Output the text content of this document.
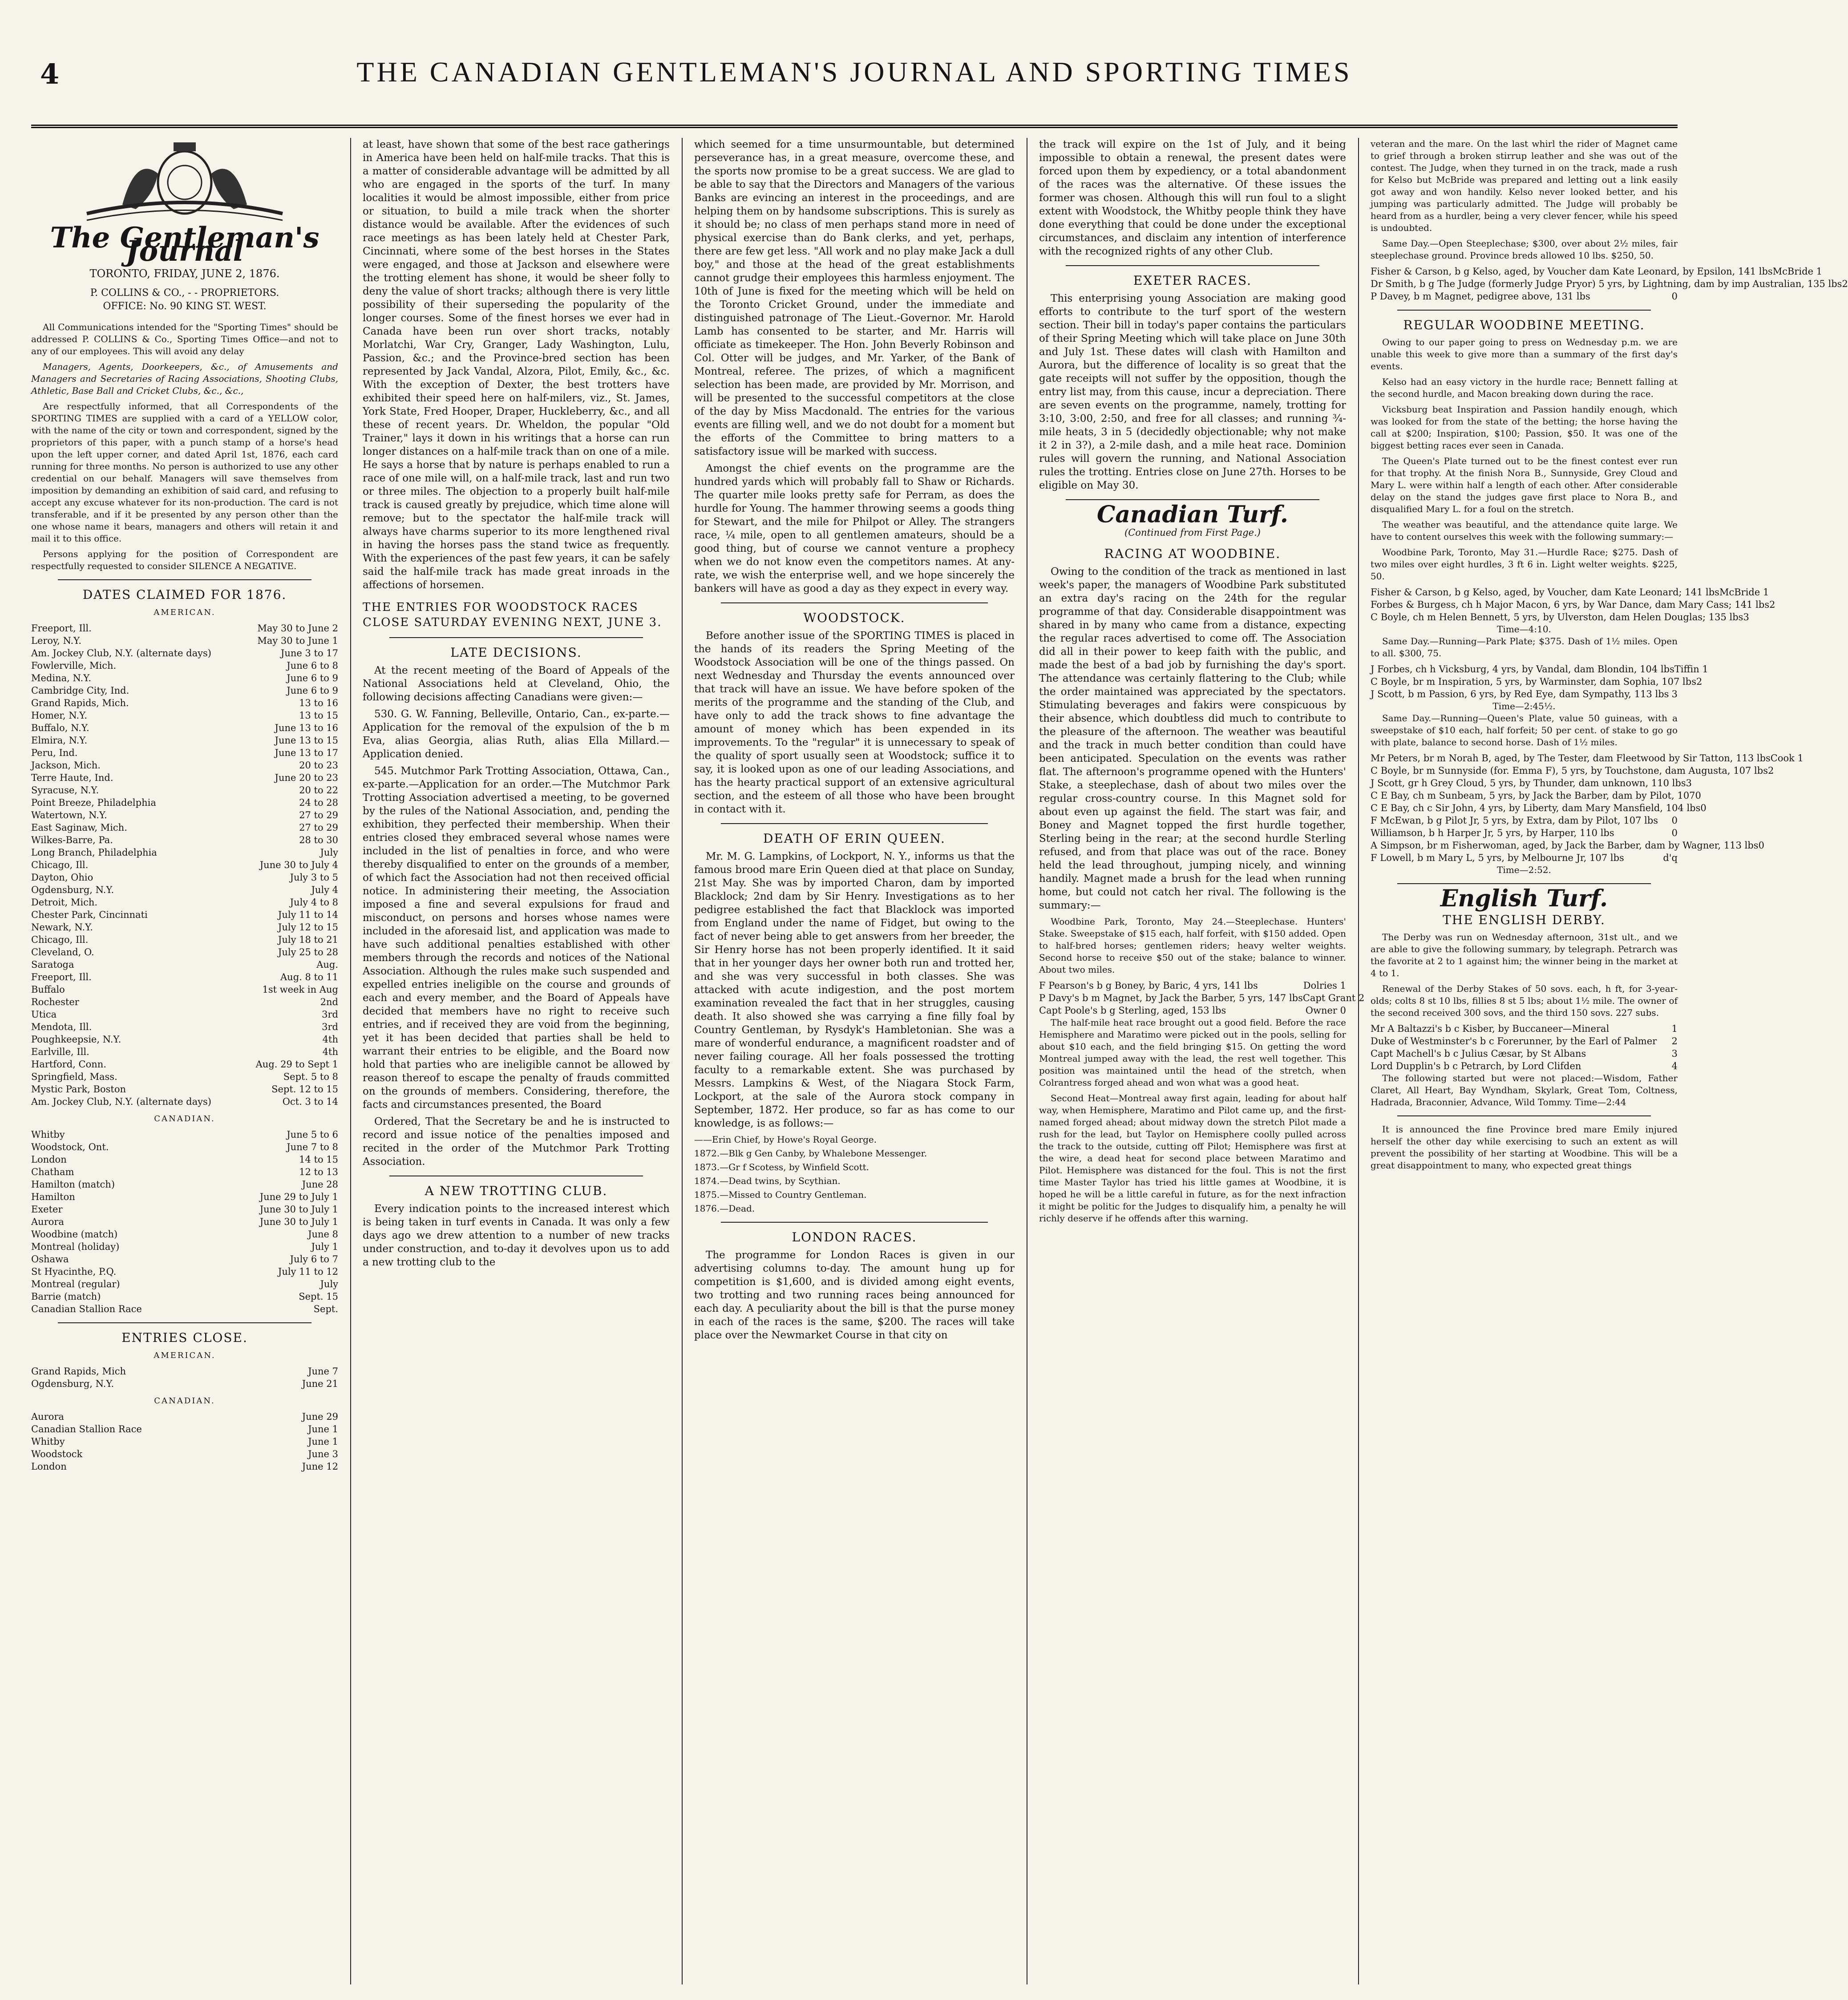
4	THE CANADIAN GENTLEMAN'S JOURNAL AND SPORTING TIMES
The Gentleman's Journal
TORONTO, FRIDAY, JUNE 2, 1876.
P. COLLINS & CO., - - PROPRIETORS.
OFFICE: No. 90 KING ST. WEST.

All Communications intended for the "Sporting Times" should be addressed P. COLLINS & Co., Sporting Times Office—and not to any of our employees. This will avoid any delay

Managers, Agents, Doorkeepers, &c., of Amusements and Managers and Secretaries of Racing Associations, Shooting Clubs, Athletic, Base Ball and Cricket Clubs, &c., &c.,

Are respectfully informed, that all Correspondents of the SPORTING TIMES are supplied with a card of a YELLOW color, with the name of the city or town and correspondent, signed by the proprietors of this paper, with a punch stamp of a horse's head upon the left upper corner, and dated April 1st, 1876, each card running for three months. No person is authorized to use any other credential on our behalf. Managers will save themselves from imposition by demanding an exhibition of said card, and refusing to accept any excuse whatever for its non-production. The card is not transferable, and if it be presented by any person other than the one whose name it bears, managers and others will retain it and mail it to this office.

Persons applying for the position of Correspondent are respectfully requested to consider SILENCE A NEGATIVE.

DATES CLAIMED FOR 1876.
AMERICAN.
Freeport, Ill.	May 30 to June 2
Leroy, N.Y.	May 30 to June 1
Am. Jockey Club, N.Y. (alternate days)	June 3 to 17
Fowlerville, Mich.	June 6 to 8
Medina, N.Y.	June 6 to 9
Cambridge City, Ind.	June 6 to 9
Grand Rapids, Mich.	13 to 16
Homer, N.Y.	13 to 15
Buffalo, N.Y.	June 13 to 16
Elmira, N.Y.	June 13 to 15
Peru, Ind.	June 13 to 17
Jackson, Mich.	20 to 23
Terre Haute, Ind.	June 20 to 23
Syracuse, N.Y.	20 to 22
Point Breeze, Philadelphia	24 to 28
Watertown, N.Y.	27 to 29
East Saginaw, Mich.	27 to 29
Wilkes-Barre, Pa.	28 to 30
Long Branch, Philadelphia	July
Chicago, Ill.	June 30 to July 4
Dayton, Ohio	July 3 to 5
Ogdensburg, N.Y.	July 4
Detroit, Mich.	July 4 to 8
Chester Park, Cincinnati	July 11 to 14
Newark, N.Y.	July 12 to 15
Chicago, Ill.	July 18 to 21
Cleveland, O.	July 25 to 28
Saratoga	Aug.
Freeport, Ill.	Aug. 8 to 11
Buffalo	1st week in Aug
Rochester	2nd
Utica	3rd
Mendota, Ill.	3rd
Poughkeepsie, N.Y.	4th
Earlville, Ill.	4th
Hartford, Conn.	Aug. 29 to Sept 1
Springfield, Mass.	Sept. 5 to 8
Mystic Park, Boston	Sept. 12 to 15
Am. Jockey Club, N.Y. (alternate days)	Oct. 3 to 14
CANADIAN.
Whitby	June 5 to 6
Woodstock, Ont.	June 7 to 8
London	14 to 15
Chatham	12 to 13
Hamilton (match)	June 28
Hamilton	June 29 to July 1
Exeter	June 30 to July 1
Aurora	June 30 to July 1
Woodbine (match)	June 8
Montreal (holiday)	July 1
Oshawa	July 6 to 7
St Hyacinthe, P.Q.	July 11 to 12
Montreal (regular)	July
Barrie (match)	Sept. 15
Canadian Stallion Race	Sept.
ENTRIES CLOSE.
AMERICAN.
Grand Rapids, Mich	June 7
Ogdensburg, N.Y.	June 21
CANADIAN.
Aurora	June 29
Canadian Stallion Race	June 1
Whitby	June 1
Woodstock	June 3
London	June 12

at least, have shown that some of the best race gatherings in America have been held on half-mile tracks. That this is a matter of considerable advantage will be admitted by all who are engaged in the sports of the turf. In many localities it would be almost impossible, either from price or situation, to build a mile track when the shorter distance would be available. After the evidences of such race meetings as has been lately held at Chester Park, Cincinnati, where some of the best horses in the States were engaged, and those at Jackson and elsewhere were the trotting element has shone, it would be sheer folly to deny the value of short tracks; although there is very little possibility of their superseding the popularity of the longer courses. Some of the finest horses we ever had in Canada have been run over short tracks, notably Morlatchi, War Cry, Granger, Lady Washington, Lulu, Passion, &c.; and the Province-bred section has been represented by Jack Vandal, Alzora, Pilot, Emily, &c., &c. With the exception of Dexter, the best trotters have exhibited their speed here on half-milers, viz., St. James, York State, Fred Hooper, Draper, Huckleberry, &c., and all these of recent years. Dr. Wheldon, the popular "Old Trainer," lays it down in his writings that a horse can run longer distances on a half-mile track than on one of a mile. He says a horse that by nature is perhaps enabled to run a race of one mile will, on a half-mile track, last and run two or three miles. The objection to a properly built half-mile track is caused greatly by prejudice, which time alone will remove; but to the spectator the half-mile track will always have charms superior to its more lengthened rival in having the horses pass the stand twice as frequently. With the experiences of the past few years, it can be safely said the half-mile track has made great inroads in the affections of horsemen.

THE ENTRIES FOR WOODSTOCK RACES CLOSE SATURDAY EVENING NEXT, JUNE 3.
LATE DECISIONS.

At the recent meeting of the Board of Appeals of the National Associations held at Cleveland, Ohio, the following decisions affecting Canadians were given:—

530. G. W. Fanning, Belleville, Ontario, Can., ex-parte.—Application for the removal of the expulsion of the b m Eva, alias Georgia, alias Ruth, alias Ella Millard.—Application denied.

545. Mutchmor Park Trotting Association, Ottawa, Can., ex-parte.—Application for an order.—The Mutchmor Park Trotting Association advertised a meeting, to be governed by the rules of the National Association, and, pending the exhibition, they perfected their membership. When their entries closed they embraced several whose names were included in the list of penalties in force, and who were thereby disqualified to enter on the grounds of a member, of which fact the Association had not then received official notice. In administering their meeting, the Association imposed a fine and several expulsions for fraud and misconduct, on persons and horses whose names were included in the aforesaid list, and application was made to have such additional penalties established with other members through the records and notices of the National Association. Although the rules make such suspended and expelled entries ineligible on the course and grounds of each and every member, and the Board of Appeals have decided that members have no right to receive such entries, and if received they are void from the beginning, yet it has been decided that parties shall be held to warrant their entries to be eligible, and the Board now hold that parties who are ineligible cannot be allowed by reason thereof to escape the penalty of frauds committed on the grounds of members. Considering, therefore, the facts and circumstances presented, the Board

Ordered, That the Secretary be and he is instructed to record and issue notice of the penalties imposed and recited in the order of the Mutchmor Park Trotting Association.

A NEW TROTTING CLUB.

Every indication points to the increased interest which is being taken in turf events in Canada. It was only a few days ago we drew attention to a number of new tracks under construction, and to-day it devolves upon us to add a new trotting club to the

which seemed for a time unsurmountable, but determined perseverance has, in a great measure, overcome these, and the sports now promise to be a great success. We are glad to be able to say that the Directors and Managers of the various Banks are evincing an interest in the proceedings, and are helping them on by handsome subscriptions. This is surely as it should be; no class of men perhaps stand more in need of physical exercise than do Bank clerks, and yet, perhaps, there are few get less. "All work and no play make Jack a dull boy," and those at the head of the great establishments cannot grudge their employees this harmless enjoyment. The 10th of June is fixed for the meeting which will be held on the Toronto Cricket Ground, under the immediate and distinguished patronage of The Lieut.-Governor. Mr. Harold Lamb has consented to be starter, and Mr. Harris will officiate as timekeeper. The Hon. John Beverly Robinson and Col. Otter will be judges, and Mr. Yarker, of the Bank of Montreal, referee. The prizes, of which a magnificent selection has been made, are provided by Mr. Morrison, and will be presented to the successful competitors at the close of the day by Miss Macdonald. The entries for the various events are filling well, and we do not doubt for a moment but the efforts of the Committee to bring matters to a satisfactory issue will be marked with success.

Amongst the chief events on the programme are the hundred yards which will probably fall to Shaw or Richards. The quarter mile looks pretty safe for Perram, as does the hurdle for Young. The hammer throwing seems a goods thing for Stewart, and the mile for Philpot or Alley. The strangers race, ¼ mile, open to all gentlemen amateurs, should be a good thing, but of course we cannot venture a prophecy when we do not know even the competitors names. At any-rate, we wish the enterprise well, and we hope sincerely the bankers will have as good a day as they expect in every way.

WOODSTOCK.

Before another issue of the SPORTING TIMES is placed in the hands of its readers the Spring Meeting of the Woodstock Association will be one of the things passed. On next Wednesday and Thursday the events announced over that track will have an issue. We have before spoken of the merits of the programme and the standing of the Club, and have only to add the track shows to fine advantage the amount of money which has been expended in its improvements. To the "regular" it is unnecessary to speak of the quality of sport usually seen at Woodstock; suffice it to say, it is looked upon as one of our leading Associations, and has the hearty practical support of an extensive agricultural section, and the esteem of all those who have been brought in contact with it.

DEATH OF ERIN QUEEN.

Mr. M. G. Lampkins, of Lockport, N. Y., informs us that the famous brood mare Erin Queen died at that place on Sunday, 21st May. She was by imported Charon, dam by imported Blacklock; 2nd dam by Sir Henry. Investigations as to her pedigree established the fact that Blacklock was imported from England under the name of Fidget, but owing to the fact of never being able to get answers from her breeder, the Sir Henry horse has not been properly identified. It it said that in her younger days her owner both run and trotted her, and she was very successful in both classes. She was attacked with acute indigestion, and the post mortem examination revealed the fact that in her struggles, causing death. It also showed she was carrying a fine filly foal by Country Gentleman, by Rysdyk's Hambletonian. She was a mare of wonderful endurance, a magnificent roadster and of never failing courage. All her foals possessed the trotting faculty to a remarkable extent. She was purchased by Messrs. Lampkins & West, of the Niagara Stock Farm, Lockport, at the sale of the Aurora stock company in September, 1872. Her produce, so far as has come to our knowledge, is as follows:—

——Erin Chief, by Howe's Royal George.
1872.—Blk g Gen Canby, by Whalebone Messenger.
1873.—Gr f Scotess, by Winfield Scott.
1874.—Dead twins, by Scythian.
1875.—Missed to Country Gentleman.
1876.—Dead.
LONDON RACES.

The programme for London Races is given in our advertising columns to-day. The amount hung up for competition is $1,600, and is divided among eight events, two trotting and two running races being announced for each day. A peculiarity about the bill is that the purse money in each of the races is the same, $200. The races will take place over the Newmarket Course in that city on

the track will expire on the 1st of July, and it being impossible to obtain a renewal, the present dates were forced upon them by expediency, or a total abandonment of the races was the alternative. Of these issues the former was chosen. Although this will run foul to a slight extent with Woodstock, the Whitby people think they have done everything that could be done under the exceptional circumstances, and disclaim any intention of interference with the recognized rights of any other Club.

EXETER RACES.

This enterprising young Association are making good efforts to contribute to the turf sport of the western section. Their bill in today's paper contains the particulars of their Spring Meeting which will take place on June 30th and July 1st. These dates will clash with Hamilton and Aurora, but the difference of locality is so great that the gate receipts will not suffer by the opposition, though the entry list may, from this cause, incur a depreciation. There are seven events on the programme, namely, trotting for 3:10, 3:00, 2:50, and free for all classes; and running ¾-mile heats, 3 in 5 (decidedly objectionable; why not make it 2 in 3?), a 2-mile dash, and a mile heat race. Dominion rules will govern the running, and National Association rules the trotting. Entries close on June 27th. Horses to be eligible on May 30.

Canadian Turf.
(Continued from First Page.)
RACING AT WOODBINE.

Owing to the condition of the track as mentioned in last week's paper, the managers of Woodbine Park substituted an extra day's racing on the 24th for the regular programme of that day. Considerable disappointment was shared in by many who came from a distance, expecting the regular races advertised to come off. The Association did all in their power to keep faith with the public, and made the best of a bad job by furnishing the day's sport. The attendance was certainly flattering to the Club; while the order maintained was appreciated by the spectators. Stimulating beverages and fakirs were conspicuous by their absence, which doubtless did much to contribute to the pleasure of the afternoon. The weather was beautiful and the track in much better condition than could have been anticipated. Speculation on the events was rather flat. The afternoon's programme opened with the Hunters' Stake, a steeplechase, dash of about two miles over the regular cross-country course. In this Magnet sold for about even up against the field. The start was fair, and Boney and Magnet topped the first hurdle together, Sterling being in the rear; at the second hurdle Sterling refused, and from that place was out of the race. Boney held the lead throughout, jumping nicely, and winning handily. Magnet made a brush for the lead when running home, but could not catch her rival. The following is the summary:—

Woodbine Park, Toronto, May 24.—Steeplechase. Hunters' Stake. Sweepstake of $15 each, half forfeit, with $150 added. Open to half-bred horses; gentlemen riders; heavy welter weights. Second horse to receive $50 out of the stake; balance to winner. About two miles.

F Pearson's b g Boney, by Baric, 4 yrs, 141 lbs	Dolries 1
P Davy's b m Magnet, by Jack the Barber, 5 yrs, 147 lbs Capt Grant 2
Capt Poole's b g Sterling, aged, 153 lbs	Owner 0

The half-mile heat race brought out a good field. Before the race Hemisphere and Maratimo were picked out in the pools, selling for about $10 each, and the field bringing $15. On getting the word Montreal jumped away with the lead, the rest well together. This position was maintained until the head of the stretch, when Colrantress forged ahead and won what was a good heat.

Second Heat—Montreal away first again, leading for about half way, when Hemisphere, Maratimo and Pilot came up, and the first-named forged ahead; about midway down the stretch Pilot made a rush for the lead, but Taylor on Hemisphere coolly pulled across the track to the outside, cutting off Pilot; Hemisphere was first at the wire, a dead heat for second place between Maratimo and Pilot. Hemisphere was distanced for the foul. This is not the first time Master Taylor has tried his little games at Woodbine, it is hoped he will be a little careful in future, as for the next infraction it might be politic for the Judges to disqualify him, a penalty he will richly deserve if he offends after this warning.

veteran and the mare. On the last whirl the rider of Magnet came to grief through a broken stirrup leather and she was out of the contest. The Judge, when they turned in on the track, made a rush for Kelso but McBride was prepared and letting out a link easily got away and won handily. Kelso never looked better, and his jumping was particularly admitted. The Judge will probably be heard from as a hurdler, being a very clever fencer, while his speed is undoubted.

Same Day.—Open Steeplechase; $300, over about 2½ miles, fair steeplechase ground. Province breds allowed 10 lbs. $250, 50.

Fisher & Carson, b g Kelso, aged, by Voucher dam Kate Leonard, by Epsilon, 141 lbs McBride 1
Dr Smith, b g The Judge (formerly Judge Pryor) 5 yrs, by Lightning, dam by imp Australian, 135 lbs 2
P Davey, b m Magnet, pedigree above, 131 lbs	0
REGULAR WOODBINE MEETING.

Owing to our paper going to press on Wednesday p.m. we are unable this week to give more than a summary of the first day's events.

Kelso had an easy victory in the hurdle race; Bennett falling at the second hurdle, and Macon breaking down during the race.

Vicksburg beat Inspiration and Passion handily enough, which was looked for from the state of the betting; the horse having the call at $200; Inspiration, $100; Passion, $50. It was one of the biggest betting races ever seen in Canada.

The Queen's Plate turned out to be the finest contest ever run for that trophy. At the finish Nora B., Sunnyside, Grey Cloud and Mary L. were within half a length of each other. After considerable delay on the stand the judges gave first place to Nora B., and disqualified Mary L. for a foul on the stretch.

The weather was beautiful, and the attendance quite large. We have to content ourselves this week with the following summary:—

Woodbine Park, Toronto, May 31.—Hurdle Race; $275. Dash of two miles over eight hurdles, 3 ft 6 in. Light welter weights. $225, 50.

Fisher & Carson, b g Kelso, aged, by Voucher, dam Kate Leonard; 141 lbs McBride 1
Forbes & Burgess, ch h Major Macon, 6 yrs, by War Dance, dam Mary Cass; 141 lbs 2
C Boyle, ch m Helen Bennett, 5 yrs, by Ulverston, dam Helen Douglas; 135 lbs 3
Time—4:10.

Same Day.—Running—Park Plate; $375. Dash of 1½ miles. Open to all. $300, 75.

J Forbes, ch h Vicksburg, 4 yrs, by Vandal, dam Blondin, 104 lbs Tiffin 1
C Boyle, br m Inspiration, 5 yrs, by Warminster, dam Sophia, 107 lbs 2
J Scott, b m Passion, 6 yrs, by Red Eye, dam Sympathy, 113 lbs 3
Time—2:45½.

Same Day.—Running—Queen's Plate, value 50 guineas, with a sweepstake of $10 each, half forfeit; 50 per cent. of stake to go go with plate, balance to second horse. Dash of 1½ miles.

Mr Peters, br m Norah B, aged, by The Tester, dam Fleetwood by Sir Tatton, 113 lbs Cook 1
C Boyle, br m Sunnyside (for. Emma F), 5 yrs, by Touchstone, dam Augusta, 107 lbs 2
J Scott, gr h Grey Cloud, 5 yrs, by Thunder, dam unknown, 110 lbs 3
C E Bay, ch m Sunbeam, 5 yrs, by Jack the Barber, dam by Pilot, 107 0
C E Bay, ch c Sir John, 4 yrs, by Liberty, dam Mary Mansfield, 104 lbs 0
F McEwan, b g Pilot Jr, 5 yrs, by Extra, dam by Pilot, 107 lbs 0
Williamson, b h Harper Jr, 5 yrs, by Harper, 110 lbs	0
A Simpson, br m Fisherwoman, aged, by Jack the Barber, dam by Wagner, 113 lbs 0
F Lowell, b m Mary L, 5 yrs, by Melbourne Jr, 107 lbs	d'q
Time—2:52.
English Turf.
THE ENGLISH DERBY.

The Derby was run on Wednesday afternoon, 31st ult., and we are able to give the following summary, by telegraph. Petrarch was the favorite at 2 to 1 against him; the winner being in the market at 4 to 1.

Renewal of the Derby Stakes of 50 sovs. each, h ft, for 3-year-olds; colts 8 st 10 lbs, fillies 8 st 5 lbs; about 1½ mile. The owner of the second received 300 sovs, and the third 150 sovs. 227 subs.

Mr A Baltazzi's b c Kisber, by Buccaneer—Mineral	1
Duke of Westminster's b c Forerunner, by the Earl of Palmer 2
Capt Machell's b c Julius Cæsar, by St Albans	3
Lord Dupplin's b c Petrarch, by Lord Clifden	4

The following started but were not placed:—Wisdom, Father Claret, All Heart, Bay Wyndham, Skylark, Great Tom, Coltness, Hadrada, Braconnier, Advance, Wild Tommy. Time—2:44

It is announced the fine Province bred mare Emily injured herself the other day while exercising to such an extent as will prevent the possibility of her starting at Woodbine. This will be a great disappointment to many, who expected great things
